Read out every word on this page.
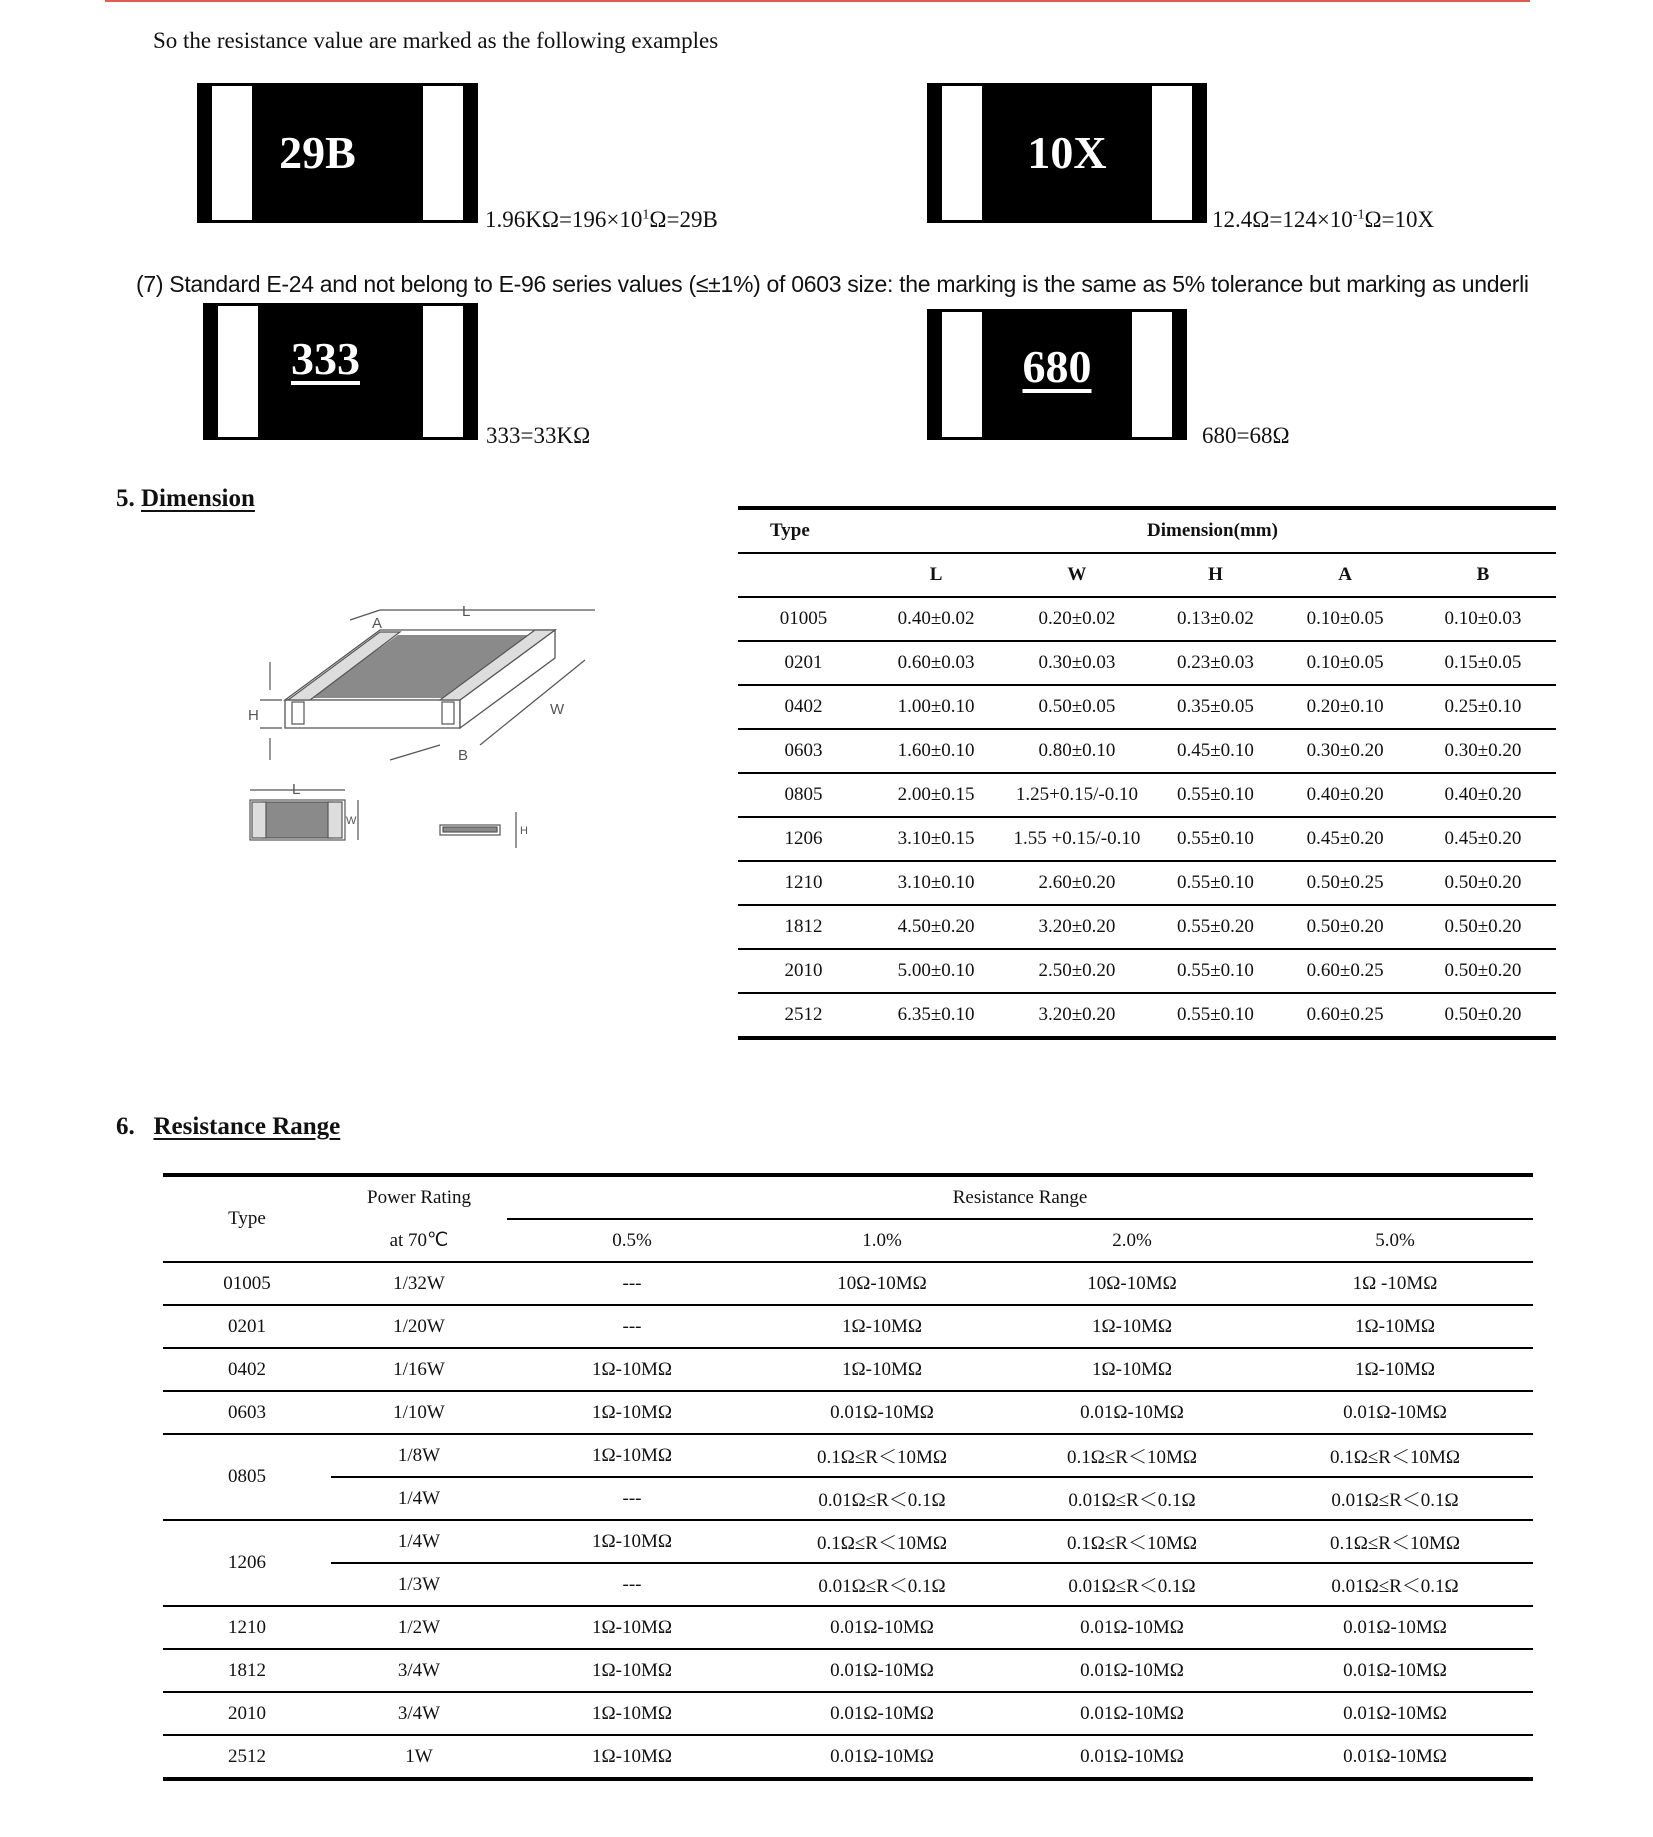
So the resistance value are marked as the following examples
29B
$1.96K\Omega=196\times 10^1\Omega=29B$
10X
$12.4\Omega=124\times 10^{-1}\Omega=10X$
(7) Standard E-24 and not belong to E-96 series values (≤±1%) of 0603 size: the marking is the same as 5% tolerance but marking as underli
333
333=33KΩ
680
680=68Ω
5. Dimension
L
A
W
H
B
L
W
H
Type	Dimension(mm)				
	L	W	H	A	B
01005	0.40±0.02	0.20±0.02	0.13±0.02	0.10±0.05	0.10±0.03
0201	0.60±0.03	0.30±0.03	0.23±0.03	0.10±0.05	0.15±0.05
0402	1.00±0.10	0.50±0.05	0.35±0.05	0.20±0.10	0.25±0.10
0603	1.60±0.10	0.80±0.10	0.45±0.10	0.30±0.20	0.30±0.20
0805	2.00±0.15	1.25+0.15/-0.10	0.55±0.10	0.40±0.20	0.40±0.20
1206	3.10±0.15	1.55 +0.15/-0.10	0.55±0.10	0.45±0.20	0.45±0.20
1210	3.10±0.10	2.60±0.20	0.55±0.10	0.50±0.25	0.50±0.20
1812	4.50±0.20	3.20±0.20	0.55±0.20	0.50±0.20	0.50±0.20
2010	5.00±0.10	2.50±0.20	0.55±0.10	0.60±0.25	0.50±0.20
2512	6.35±0.10	3.20±0.20	0.55±0.10	0.60±0.25	0.50±0.20
6. Resistance Range
Type	Power Rating	Resistance Range			
	at 70℃	0.5%	1.0%	2.0%	5.0%
01005	1/32W	---	10Ω-10MΩ	10Ω-10MΩ	1Ω -10MΩ
0201	1/20W	---	1Ω-10MΩ	1Ω-10MΩ	1Ω-10MΩ
0402	1/16W	1Ω-10MΩ	1Ω-10MΩ	1Ω-10MΩ	1Ω-10MΩ
0603	1/10W	1Ω-10MΩ	0.01Ω-10MΩ	0.01Ω-10MΩ	0.01Ω-10MΩ
0805	1/8W	1Ω-10MΩ	0.1Ω≤R＜10MΩ	0.1Ω≤R＜10MΩ	0.1Ω≤R＜10MΩ
	1/4W	---	0.01Ω≤R＜0.1Ω	0.01Ω≤R＜0.1Ω	0.01Ω≤R＜0.1Ω
1206	1/4W	1Ω-10MΩ	0.1Ω≤R＜10MΩ	0.1Ω≤R＜10MΩ	0.1Ω≤R＜10MΩ
	1/3W	---	0.01Ω≤R＜0.1Ω	0.01Ω≤R＜0.1Ω	0.01Ω≤R＜0.1Ω
1210	1/2W	1Ω-10MΩ	0.01Ω-10MΩ	0.01Ω-10MΩ	0.01Ω-10MΩ
1812	3/4W	1Ω-10MΩ	0.01Ω-10MΩ	0.01Ω-10MΩ	0.01Ω-10MΩ
2010	3/4W	1Ω-10MΩ	0.01Ω-10MΩ	0.01Ω-10MΩ	0.01Ω-10MΩ
2512	1W	1Ω-10MΩ	0.01Ω-10MΩ	0.01Ω-10MΩ	0.01Ω-10MΩ
